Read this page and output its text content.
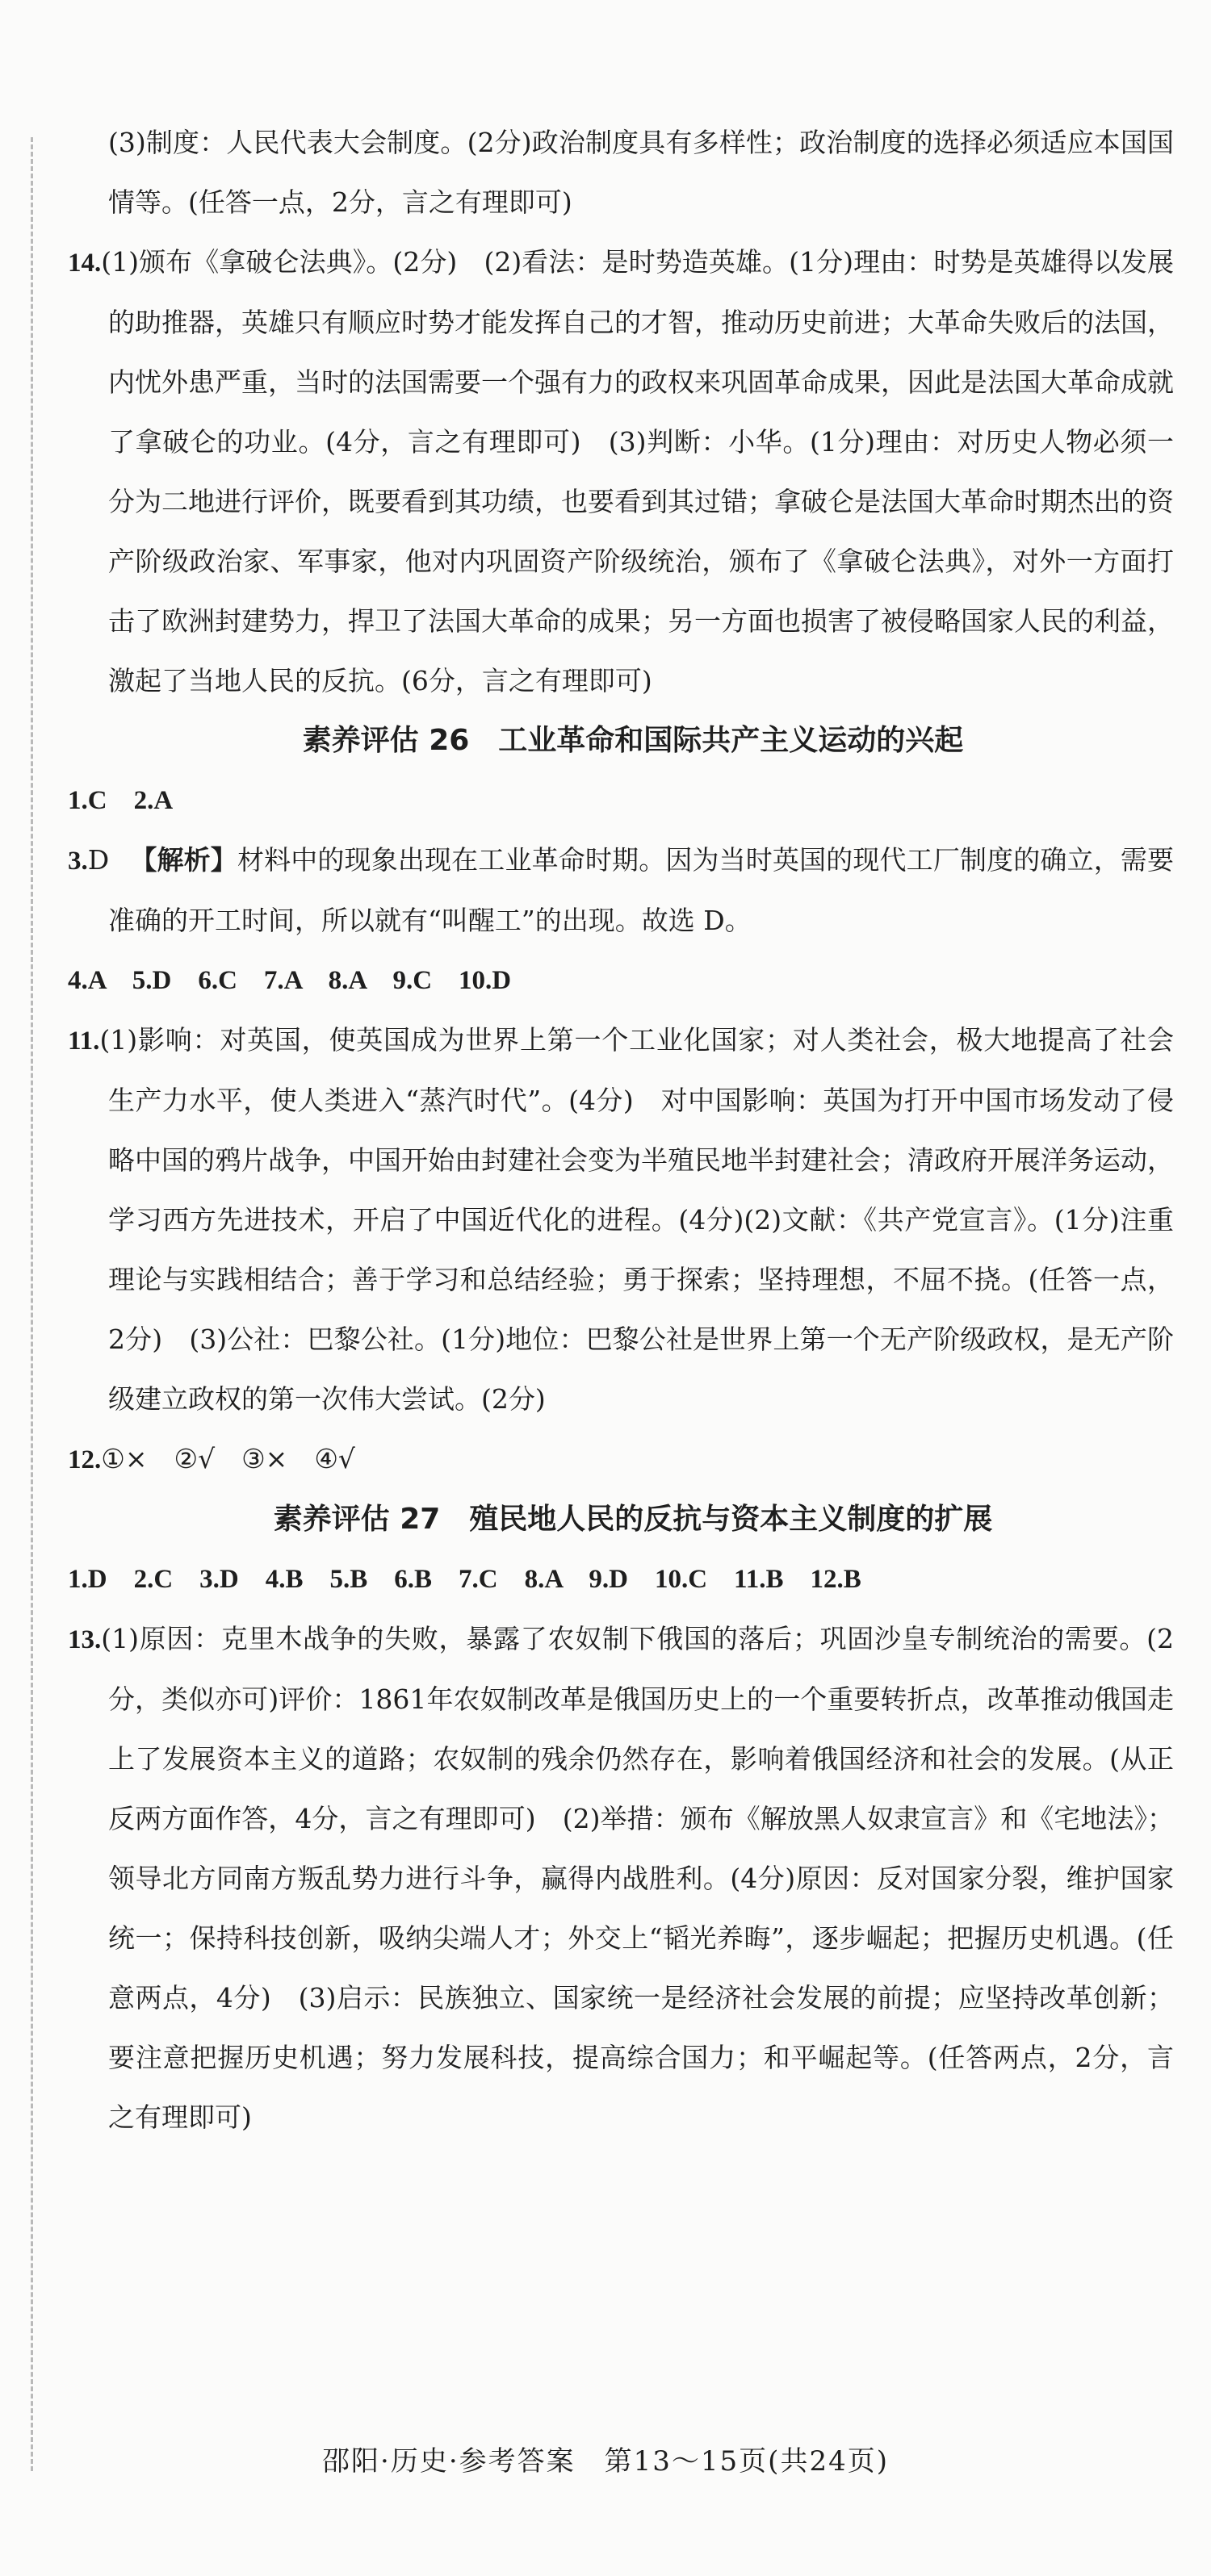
(3)制度：人民代表大会制度。(2分)政治制度具有多样性；政治制度的选择必须适应本国国情等。(任答一点，2分，言之有理即可)

14.(1)颁布《拿破仑法典》。(2分)　(2)看法：是时势造英雄。(1分)理由：时势是英雄得以发展的助推器，英雄只有顺应时势才能发挥自己的才智，推动历史前进；大革命失败后的法国，内忧外患严重，当时的法国需要一个强有力的政权来巩固革命成果，因此是法国大革命成就了拿破仑的功业。(4分，言之有理即可)　(3)判断：小华。(1分)理由：对历史人物必须一分为二地进行评价，既要看到其功绩，也要看到其过错；拿破仑是法国大革命时期杰出的资产阶级政治家、军事家，他对内巩固资产阶级统治，颁布了《拿破仑法典》，对外一方面打击了欧洲封建势力，捍卫了法国大革命的成果；另一方面也损害了被侵略国家人民的利益，激起了当地人民的反抗。(6分，言之有理即可)

素养评估 26　工业革命和国际共产主义运动的兴起

1.C　2.A

3.D 【解析】材料中的现象出现在工业革命时期。因为当时英国的现代工厂制度的确立，需要准确的开工时间，所以就有“叫醒工”的出现。故选 D。

4.A　5.D　6.C　7.A　8.A　9.C　10.D

11.(1)影响：对英国，使英国成为世界上第一个工业化国家；对人类社会，极大地提高了社会生产力水平，使人类进入“蒸汽时代”。(4分)　对中国影响：英国为打开中国市场发动了侵略中国的鸦片战争，中国开始由封建社会变为半殖民地半封建社会；清政府开展洋务运动，学习西方先进技术，开启了中国近代化的进程。(4分)(2)文献：《共产党宣言》。(1分)注重理论与实践相结合；善于学习和总结经验；勇于探索；坚持理想，不屈不挠。(任答一点，2分)　(3)公社：巴黎公社。(1分)地位：巴黎公社是世界上第一个无产阶级政权，是无产阶级建立政权的第一次伟大尝试。(2分)

12.①×　②√　③×　④√

素养评估 27　殖民地人民的反抗与资本主义制度的扩展

1.D　2.C　3.D　4.B　5.B　6.B　7.C　8.A　9.D　10.C　11.B　12.B

13.(1)原因：克里木战争的失败，暴露了农奴制下俄国的落后；巩固沙皇专制统治的需要。(2分，类似亦可)评价：1861年农奴制改革是俄国历史上的一个重要转折点，改革推动俄国走上了发展资本主义的道路；农奴制的残余仍然存在，影响着俄国经济和社会的发展。(从正反两方面作答，4分，言之有理即可)　(2)举措：颁布《解放黑人奴隶宣言》和《宅地法》；领导北方同南方叛乱势力进行斗争，赢得内战胜利。(4分)原因：反对国家分裂，维护国家统一；保持科技创新，吸纳尖端人才；外交上“韬光养晦”，逐步崛起；把握历史机遇。(任意两点，4分)　(3)启示：民族独立、国家统一是经济社会发展的前提；应坚持改革创新；要注意把握历史机遇；努力发展科技，提高综合国力；和平崛起等。(任答两点，2分，言之有理即可)

邵阳·历史·参考答案　第13～15页(共24页)
